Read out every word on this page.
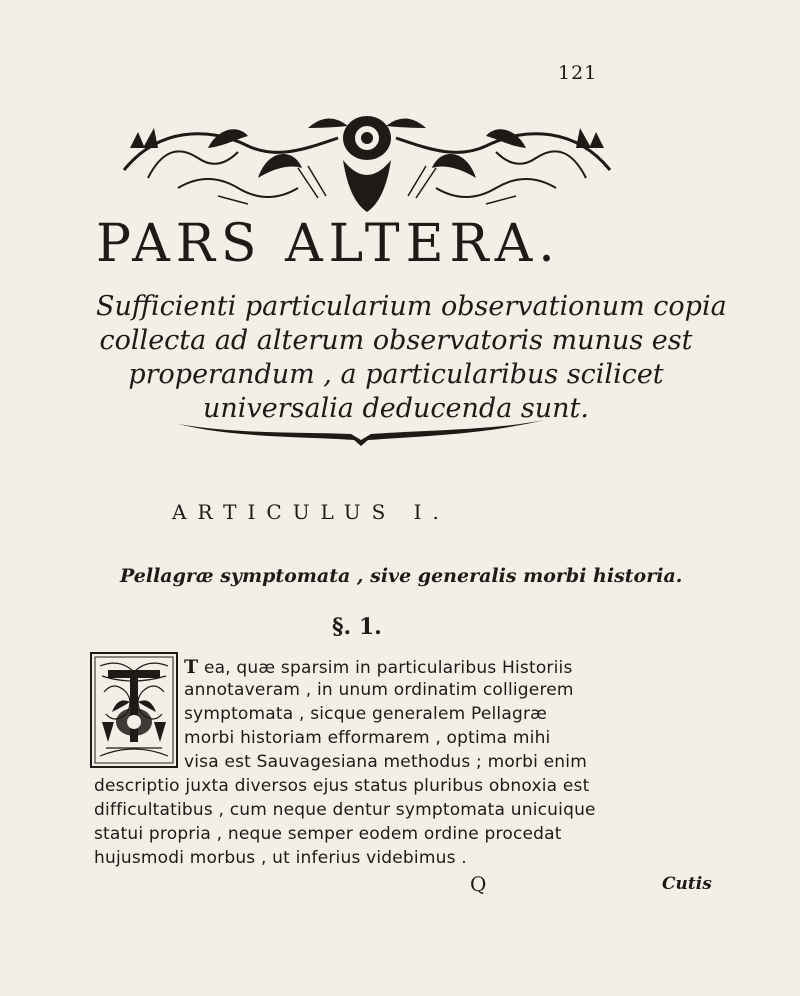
121
PARS ALTERA.
Sufficienti particularium observationum copia
collecta ad alterum observatoris munus est
properandum , a particularibus scilicet
universalia deducenda sunt.
ARTICULUS I.
Pellagræ symptomata , sive generalis morbi historia.
§. 1.
T ea, quæ sparsim in particularibus Historiis
annotaveram , in unum ordinatim colligerem
symptomata , sicque generalem Pellagræ
morbi historiam efformarem , optima mihi
visa est Sauvagesiana methodus ; morbi enim
descriptio juxta diversos ejus status pluribus obnoxia est
difficultatibus , cum neque dentur symptomata unicuique
statui propria , neque semper eodem ordine procedat
hujusmodi morbus , ut inferius videbimus .
Q	Cutis
